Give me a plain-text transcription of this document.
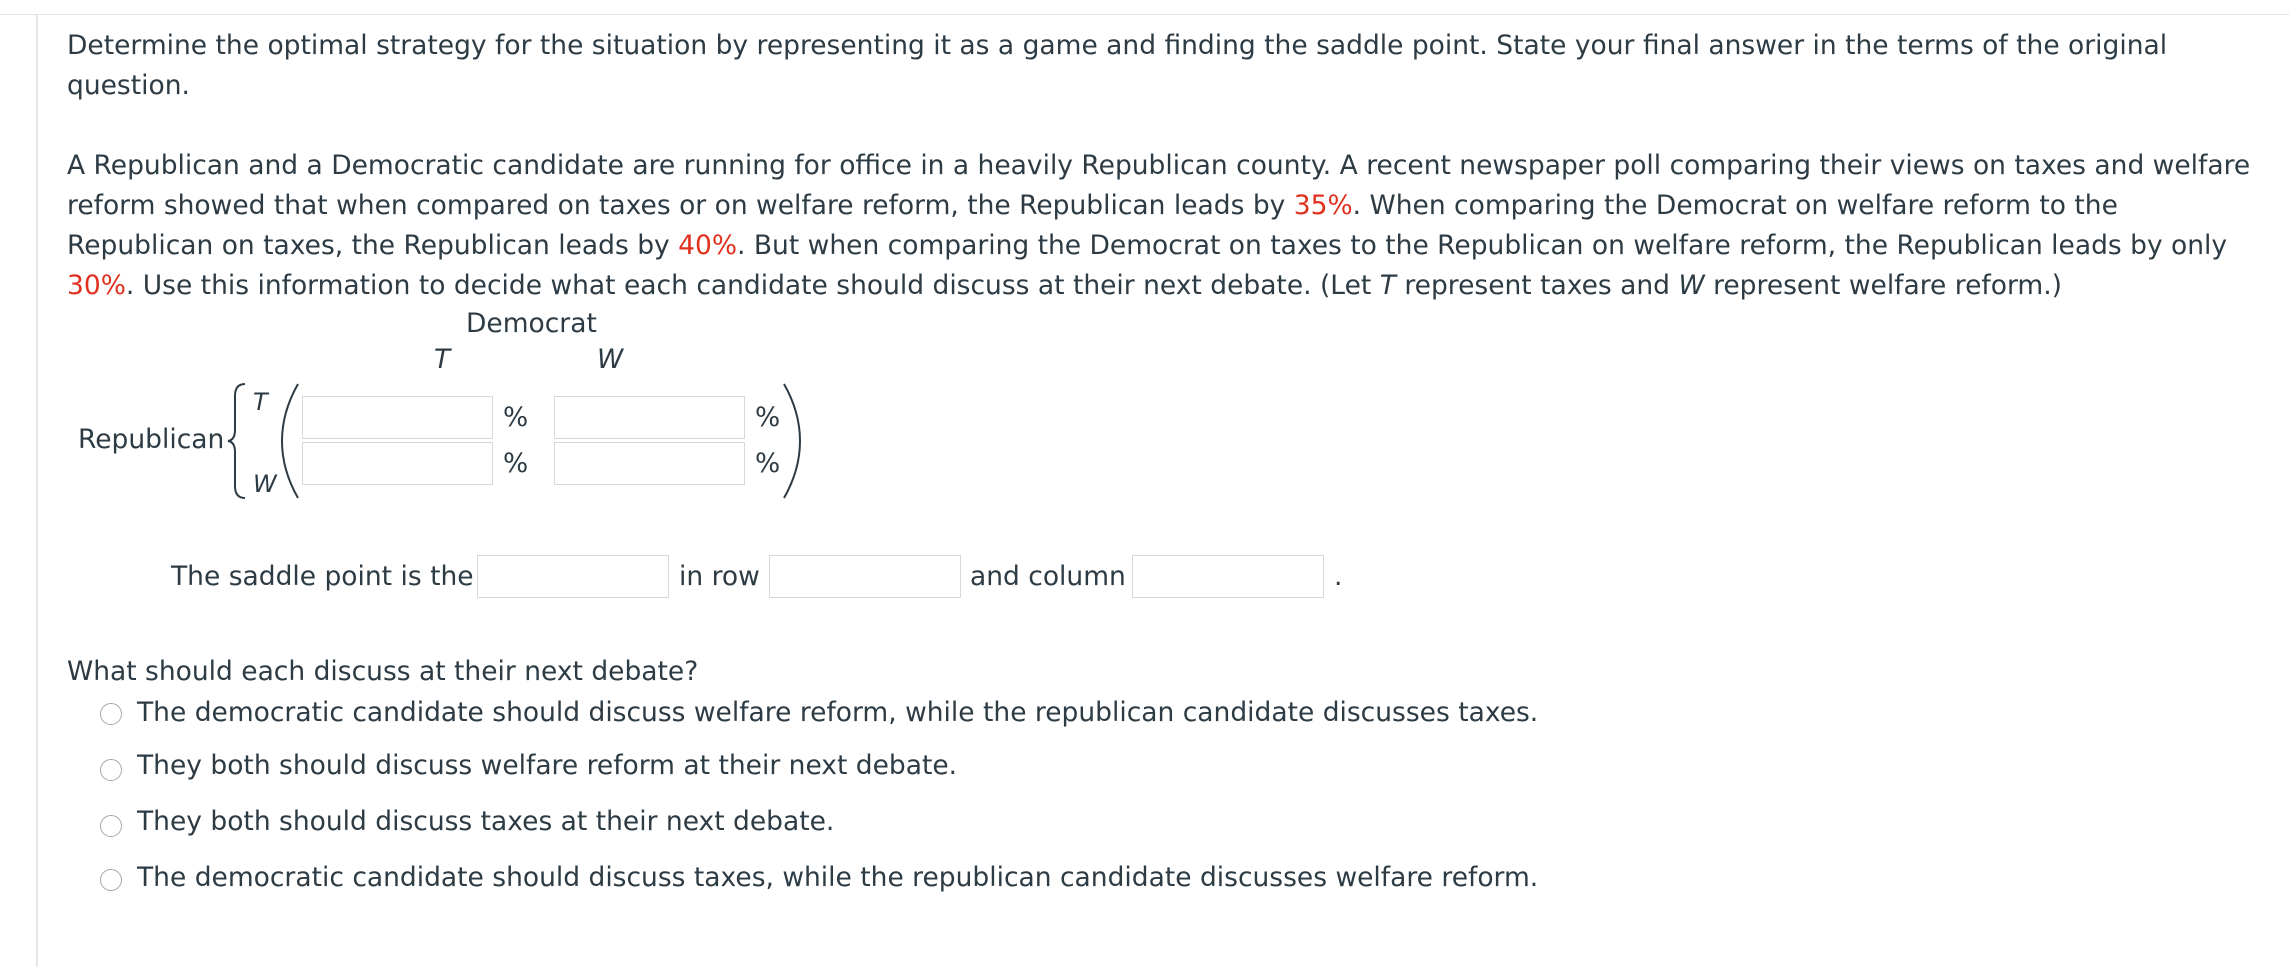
Determine the optimal strategy for the situation by representing it as a game and finding the saddle point. State your final answer in the terms of the original question.
A Republican and a Democratic candidate are running for office in a heavily Republican county. A recent newspaper poll comparing their views on taxes and welfare reform showed that when compared on taxes or on welfare reform, the Republican leads by 35%. When comparing the Democrat on welfare reform to the Republican on taxes, the Republican leads by 40%. But when comparing the Democrat on taxes to the Republican on welfare reform, the Republican leads by only 30%. Use this information to decide what each candidate should discuss at their next debate. (Let T represent taxes and W represent welfare reform.)
Democrat
T	W
Republican
T
W
%	%
%	%
The saddle point is the	in row	and column	.
What should each discuss at their next debate?
The democratic candidate should discuss welfare reform, while the republican candidate discusses taxes.
They both should discuss welfare reform at their next debate.
They both should discuss taxes at their next debate.
The democratic candidate should discuss taxes, while the republican candidate discusses welfare reform.
